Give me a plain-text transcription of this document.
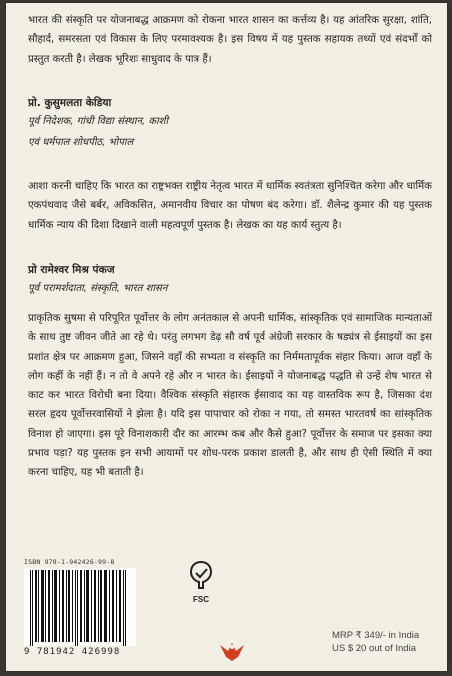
भारत की संस्कृति पर योजनाबद्ध आक्रमण को रोकना भारत शासन का कर्त्तव्य है। यह आंतरिक सुरक्षा, शांति, सौहार्द, समरसता एवं विकास के लिए परमावश्यक है। इस विषय में यह पुस्तक सहायक तथ्यों एवं संदर्भों को प्रस्तुत करती है। लेखक भूरिशः साधुवाद के पात्र हैं।

प्रो. कुसुमलता केडिया
पूर्व निदेशक, गांधी विद्या संस्थान, काशी
एवं धर्मपाल शोधपीठ, भोपाल

आशा करनी चाहिए कि भारत का राष्ट्रभक्त राष्ट्रीय नेतृत्व भारत में धार्मिक स्वतंत्रता सुनिश्चित करेगा और धार्मिक एकपंथवाद जैसे बर्बर, अविकसित, अमानवीय विचार का पोषण बंद करेगा। डॉ. शैलेन्द्र कुमार की यह पुस्तक धार्मिक न्याय की दिशा दिखाने वाली महत्वपूर्ण पुस्तक है। लेखक का यह कार्य स्तुत्य है।

प्रो रामेश्वर मिश्र पंकज
पूर्व परामर्शदाता, संस्कृति, भारत शासन

प्राकृतिक सुषमा से परिपूरित पूर्वोत्तर के लोग अनंतकाल से अपनी धार्मिक, सांस्कृतिक एवं सामाजिक मान्यताओं के साथ तुष्ट जीवन जीते आ रहे थे। परंतु लगभग डेढ़ सौ वर्ष पूर्व अंग्रेजी सरकार के षड्यंत्र से ईसाइयों का इस प्रशांत क्षेत्र पर आक्रमण हुआ, जिसने वहाँ की सभ्यता व संस्कृति का निर्ममतापूर्वक संहार किया। आज वहाँ के लोग कहीं के नहीं हैं। न तो वे अपने रहे और न भारत के। ईसाइयों ने योजनाबद्ध पद्धति से उन्हें शेष भारत से काट कर भारत विरोधी बना दिया। वैश्विक संस्कृति संहारक ईसावाद का यह वास्तविक रूप है, जिसका दंश सरल हृदय पूर्वोत्तरवासियों ने झेला है। यदि इस पापाचार को रोका न गया, तो समस्त भारतवर्ष का सांस्कृतिक विनाश हो जाएगा। इस पूरे विनाशकारी दौर का आरम्भ कब और कैसे हुआ? पूर्वोत्तर के समाज पर इसका क्या प्रभाव पड़ा? यह पुस्तक इन सभी आयामों पर शोध-परक प्रकाश डालती है, और साथ ही ऐसी स्थिति में क्या करना चाहिए, यह भी बताती है।

ISBN 978-1-942426-99-8
9 781942 426998
FSC
MRP ₹ 349/- in India
US $ 20 out of India
